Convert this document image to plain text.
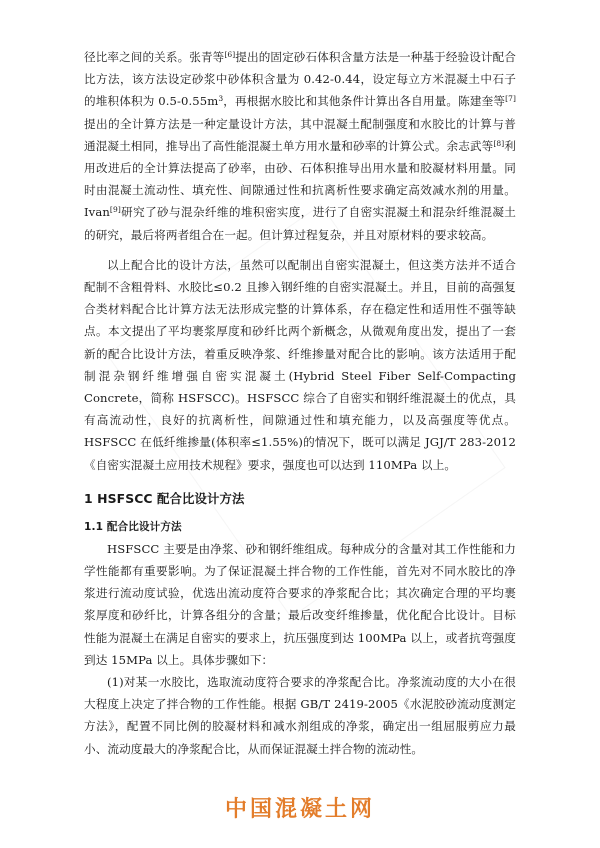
径比率之间的关系。张青等[6]提出的固定砂石体积含量方法是一种基于经验设计配合比方法，该方法设定砂浆中砂体积含量为 0.42-0.44，设定每立方米混凝土中石子的堆积体积为 $0.5-0.55m^3$，再根据水胶比和其他条件计算出各自用量。陈建奎等[7]提出的全计算方法是一种定量设计方法，其中混凝土配制强度和水胶比的计算与普通混凝土相同，推导出了高性能混凝土单方用水量和砂率的计算公式。余志武等[8]利用改进后的全计算法提高了砂率，由砂、石体积推导出用水量和胶凝材料用量。同时由混凝土流动性、填充性、间隙通过性和抗离析性要求确定高效减水剂的用量。Ivan[9]研究了砂与混杂纤维的堆积密实度，进行了自密实混凝土和混杂纤维混凝土的研究，最后将两者组合在一起。但计算过程复杂，并且对原材料的要求较高。

以上配合比的设计方法，虽然可以配制出自密实混凝土，但这类方法并不适合配制不含粗骨料、水胶比≤0.2 且掺入钢纤维的自密实混凝土。并且，目前的高强复合类材料配合比计算方法无法形成完整的计算体系，存在稳定性和适用性不强等缺点。本文提出了平均裹浆厚度和砂纤比两个新概念，从微观角度出发，提出了一套新的配合比设计方法，着重反映净浆、纤维掺量对配合比的影响。该方法适用于配制混杂钢纤维增强自密实混凝土(Hybrid Steel Fiber Self-Compacting Concrete，简称 HSFSCC)。HSFSCC 综合了自密实和钢纤维混凝土的优点，具有高流动性，良好的抗离析性，间隙通过性和填充能力，以及高强度等优点。HSFSCC 在低纤维掺量(体积率≤1.55%)的情况下，既可以满足 JGJ/T 283-2012《自密实混凝土应用技术规程》要求，强度也可以达到 110MPa 以上。

1 HSFSCC 配合比设计方法
1.1 配合比设计方法

HSFSCC 主要是由净浆、砂和钢纤维组成。每种成分的含量对其工作性能和力学性能都有重要影响。为了保证混凝土拌合物的工作性能，首先对不同水胶比的净浆进行流动度试验，优选出流动度符合要求的净浆配合比；其次确定合理的平均裹浆厚度和砂纤比，计算各组分的含量；最后改变纤维掺量，优化配合比设计。目标性能为混凝土在满足自密实的要求上，抗压强度到达 100MPa 以上，或者抗弯强度到达 15MPa 以上。具体步骤如下：

(1)对某一水胶比，选取流动度符合要求的净浆配合比。净浆流动度的大小在很大程度上决定了拌合物的工作性能。根据 GB/T 2419-2005《水泥胶砂流动度测定方法》，配置不同比例的胶凝材料和减水剂组成的净浆，确定出一组屈服剪应力最小、流动度最大的净浆配合比，从而保证混凝土拌合物的流动性。

中国混凝土网
